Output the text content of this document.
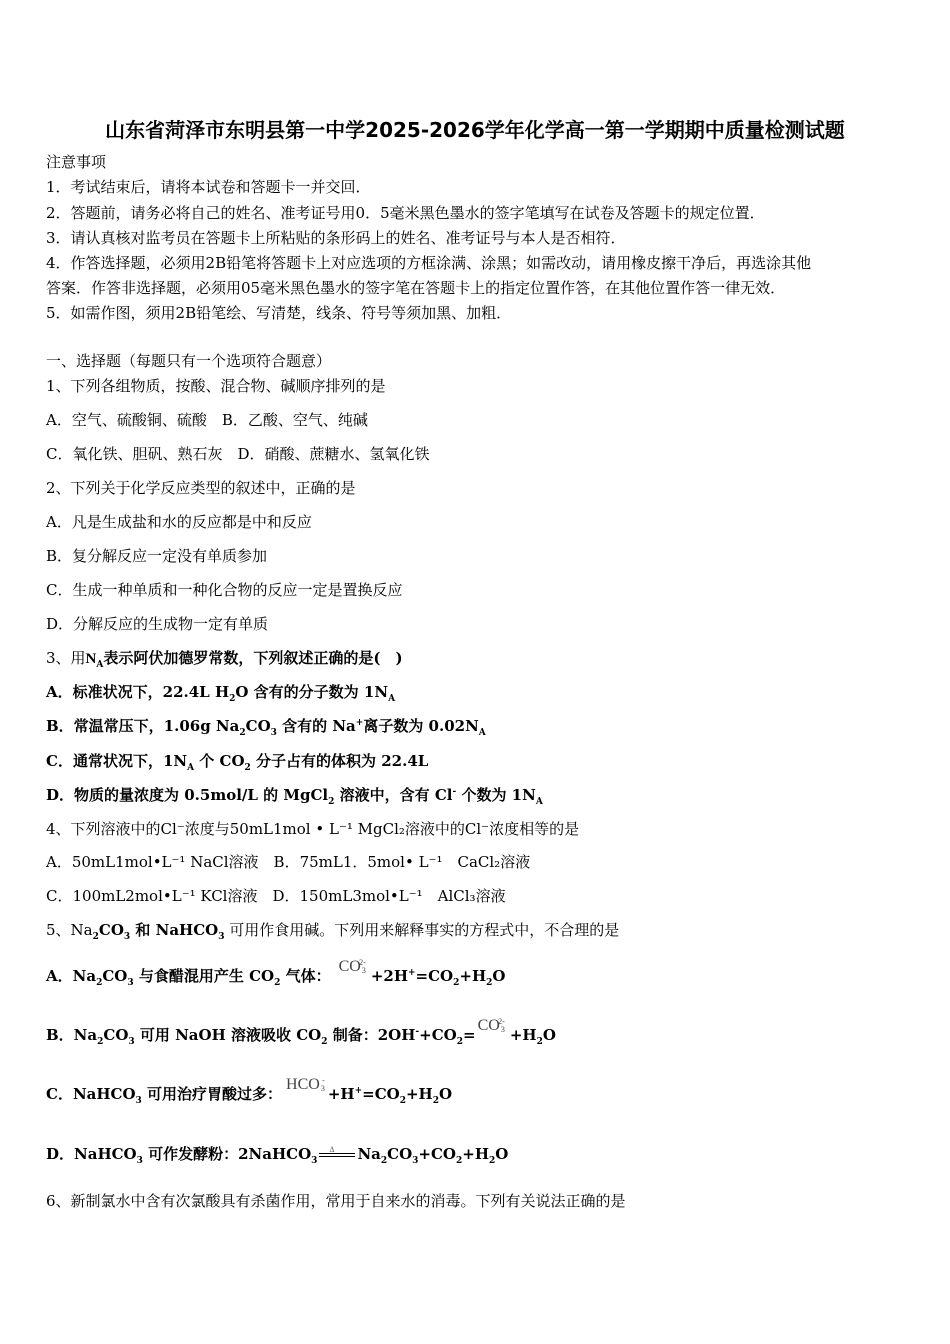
山东省菏泽市东明县第一中学2025-2026学年化学高一第一学期期中质量检测试题
注意事项
1．考试结束后，请将本试卷和答题卡一并交回．
2．答题前，请务必将自己的姓名、准考证号用0．5毫米黑色墨水的签字笔填写在试卷及答题卡的规定位置．
3．请认真核对监考员在答题卡上所粘贴的条形码上的姓名、准考证号与本人是否相符．
4．作答选择题，必须用2B铅笔将答题卡上对应选项的方框涂满、涂黑；如需改动，请用橡皮擦干净后，再选涂其他
答案．作答非选择题，必须用05毫米黑色墨水的签字笔在答题卡上的指定位置作答，在其他位置作答一律无效．
5．如需作图，须用2B铅笔绘、写清楚，线条、符号等须加黑、加粗．
一、选择题（每题只有一个选项符合题意）
1、下列各组物质，按酸、混合物、碱顺序排列的是
A．空气、硫酸铜、硫酸　B．乙酸、空气、纯碱
C．氧化铁、胆矾、熟石灰　D．硝酸、蔗糖水、氢氧化铁
2、下列关于化学反应类型的叙述中，正确的是
A．凡是生成盐和水的反应都是中和反应
B．复分解反应一定没有单质参加
C．生成一种单质和一种化合物的反应一定是置换反应
D．分解反应的生成物一定有单质
3、用$N_A$表示阿伏加德罗常数，下列叙述正确的是(　)
A．标准状况下，22.4L $H_2O$ 含有的分子数为 $1N_A$
B．常温常压下，1.06g $Na_2CO_3$ 含有的 Na+离子数为 $0.02N_A$
C．通常状况下，$1N_A$ 个 $CO_2$ 分子占有的体积为 22.4L
D．物质的量浓度为 0.5mol/L 的 MgCl$_2$ 溶液中，含有 Cl- 个数为 $1N_A$
4、下列溶液中的Cl⁻浓度与50mL1mol • L⁻¹ MgCl₂溶液中的Cl⁻浓度相等的是
A．50mL1mol•L⁻¹ NaCl溶液　B．75mL1．5mol• L⁻¹　CaCl₂溶液
C．100mL2mol•L⁻¹ KCl溶液　D．150mL3mol•L⁻¹　AlCl₃溶液
5、$Na_2CO_3$ 和 NaHCO$_3$ 可用作食用碱。下列用来解释事实的方程式中，不合理的是
A．$Na_2CO_3$ 与食醋混用产生 $CO_2$ 气体：CO
2-
$3 +2H^+=CO_2+H_2O$
B．$Na_2CO_3$ 可用 NaOH 溶液吸收 $CO_2$ 制备：$2OH^-+CO_2=CO$
2-
$3 +H_2O$
C．NaHCO$_3$ 可用治疗胃酸过多：HCO -
$3 +H^+=CO_2+H_2O$
D．NaHCO$_3$ 可作发酵粉：2NaHCO$_3$
Δ $Na_2CO_3+CO_2+H_2O$
6、新制氯水中含有次氯酸具有杀菌作用，常用于自来水的消毒。下列有关说法正确的是
